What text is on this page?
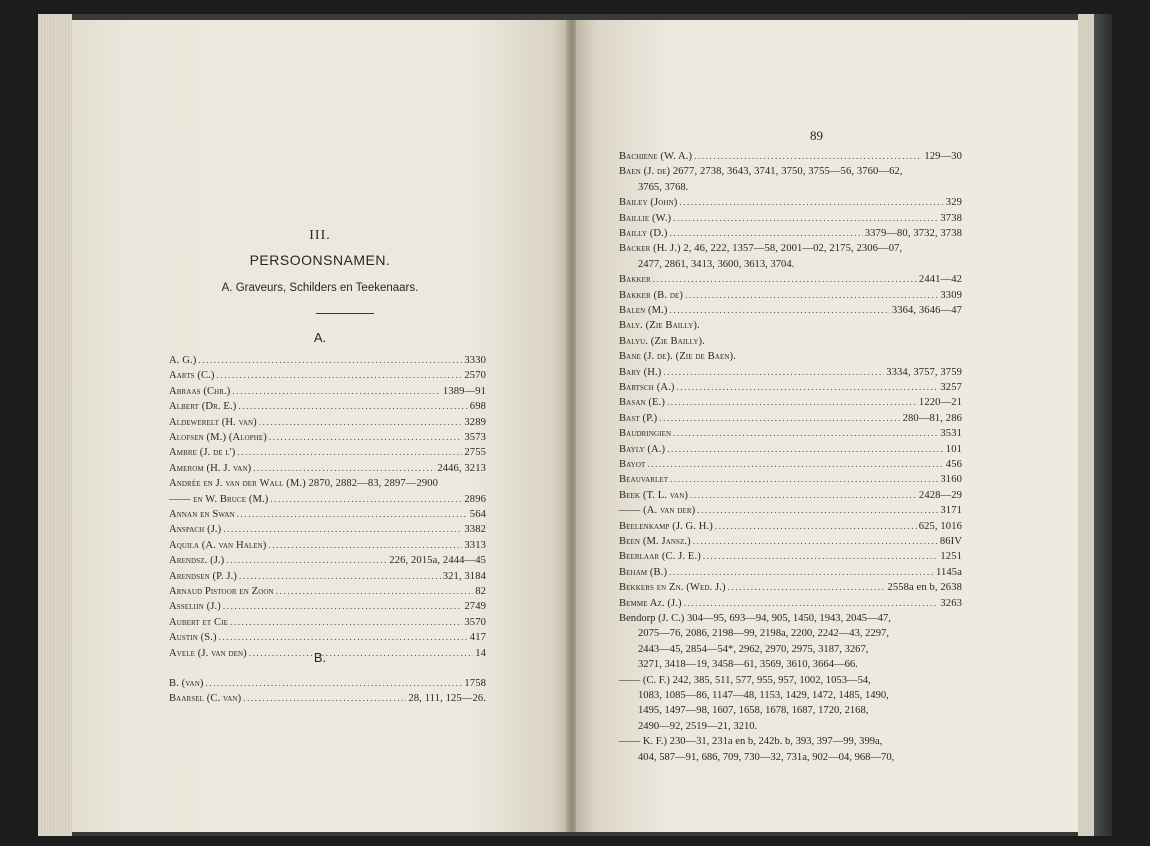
III.
PERSOONSNAMEN.
A. Graveurs, Schilders en Teekenaars.
A.
B.
A. G.) .....	3330
Aarts (C.) .....	2570
Abraas (Chr.) .....	1389—91
Albert (Dr. E.) .....	698
Aldewerelt (H. van) .....	3289
Alofsen (M.) (Alophe) .....	3573
Ambre (J. de l') .....	2755
Amerom (H. J. van) .....	2446, 3213
Andrée en J. van der Wall (M.) 2870, 2882—83, 2897—2900
—— en W. Bruce (M.) .....	2896
Annan en Swan .....	564
Anspach (J.) .....	3382
Aquila (A. van Halen) .....	3313
Arendsz. (J.) .....	226, 2015a, 2444—45
Arendsen (P. J.) .....	321, 3184
Arnaud Pistoor en Zoon .....	82
Asselijn (J.) .....	2749
Aubert et Cie .....	3570
Austin (S.) .....	417
Avele (J. van den) .....	14
B. (van) .....	1758
Baarsel (C. van) .....	28, 111, 125—26.
89
Bachiene (W. A.) .....	129—30
Baen (J. de) 2677, 2738, 3643, 3741, 3750, 3755—56, 3760—62,
3765, 3768.
Bailey (John) .....	329
Baillie (W.) .....	3738
Bailly (D.) .....	3379—80, 3732, 3738
Backer (H. J.) 2, 46, 222, 1357—58, 2001—02, 2175, 2306—07,
2477, 2861, 3413, 3600, 3613, 3704.
Bakker .....	2441—42
Bakker (B. de) .....	3309
Balen (M.) .....	3364, 3646—47
Baly. (Zie Bailly).
Balyu. (Zie Bailly).
Bane (J. de). (Zie de Baen).
Bary (H.) .....	3334, 3757, 3759
Bartsch (A.) .....	3257
Basan (E.) .....	1220—21
Bast (P.) .....	280—81, 286
Baudringien .....	3531
Bayly (A.) .....	101
Bayot .....	456
Beauvarlet .....	3160
Beek (T. L. van) .....	2428—29
—— (A. van der) .....	3171
Beelenkamp (J. G. H.) .....	625, 1016
Been (M. Jansz.) .....	86IV
Beerlaar (C. J. E.) .....	1251
Beham (B.) .....	1145a
Bekkers en Zn. (Wed. J.) .....	2558a en b, 2638
Bemme Az. (J.) .....	3263
Bendorp (J. C.) 304—95, 693—94, 905, 1450, 1943, 2045—47,
2075—76, 2086, 2198—99, 2198a, 2200, 2242—43, 2297,
2443—45, 2854—54*, 2962, 2970, 2975, 3187, 3267,
3271, 3418—19, 3458—61, 3569, 3610, 3664—66.
—— (C. F.) 242, 385, 511, 577, 955, 957, 1002, 1053—54,
1083, 1085—86, 1147—48, 1153, 1429, 1472, 1485, 1490,
1495, 1497—98, 1607, 1658, 1678, 1687, 1720, 2168,
2490—92, 2519—21, 3210.
—— K. F.) 230—31, 231a en b, 242b. b, 393, 397—99, 399a,
404, 587—91, 686, 709, 730—32, 731a, 902—04, 968—70,
